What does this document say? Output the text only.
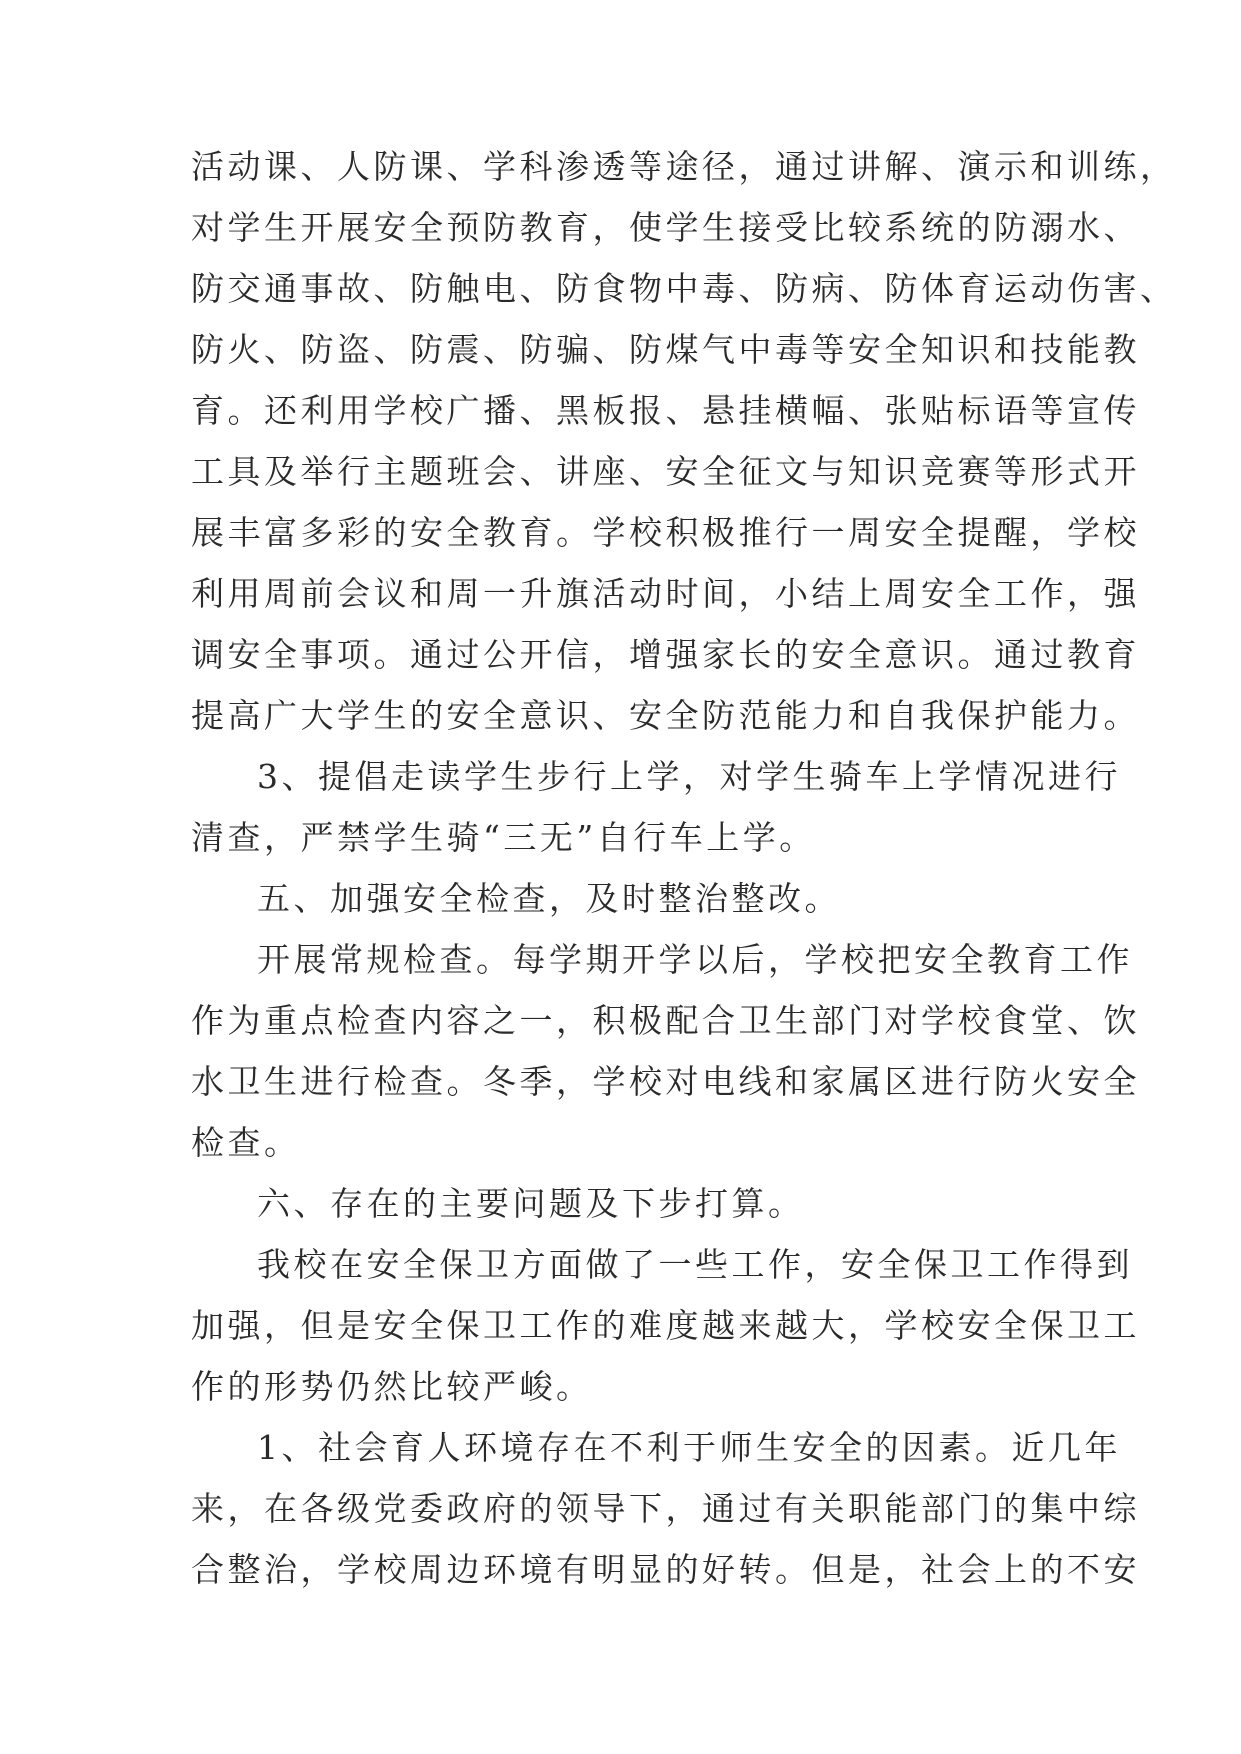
活动课、人防课、学科渗透等途径，通过讲解、演示和训练，
对学生开展安全预防教育，使学生接受比较系统的防溺水、
防交通事故、防触电、防食物中毒、防病、防体育运动伤害、
防火、防盗、防震、防骗、防煤气中毒等安全知识和技能教
育。还利用学校广播、黑板报、悬挂横幅、张贴标语等宣传
工具及举行主题班会、讲座、安全征文与知识竞赛等形式开
展丰富多彩的安全教育。学校积极推行一周安全提醒，学校
利用周前会议和周一升旗活动时间，小结上周安全工作，强
调安全事项。通过公开信，增强家长的安全意识。通过教育
提高广大学生的安全意识、安全防范能力和自我保护能力。
3、提倡走读学生步行上学，对学生骑车上学情况进行
清查，严禁学生骑“三无”自行车上学。
五、加强安全检查，及时整治整改。
开展常规检查。每学期开学以后，学校把安全教育工作
作为重点检查内容之一，积极配合卫生部门对学校食堂、饮
水卫生进行检查。冬季，学校对电线和家属区进行防火安全
检查。
六、存在的主要问题及下步打算。
我校在安全保卫方面做了一些工作，安全保卫工作得到
加强，但是安全保卫工作的难度越来越大，学校安全保卫工
作的形势仍然比较严峻。
1、社会育人环境存在不利于师生安全的因素。近几年
来，在各级党委政府的领导下，通过有关职能部门的集中综
合整治，学校周边环境有明显的好转。但是，社会上的不安
